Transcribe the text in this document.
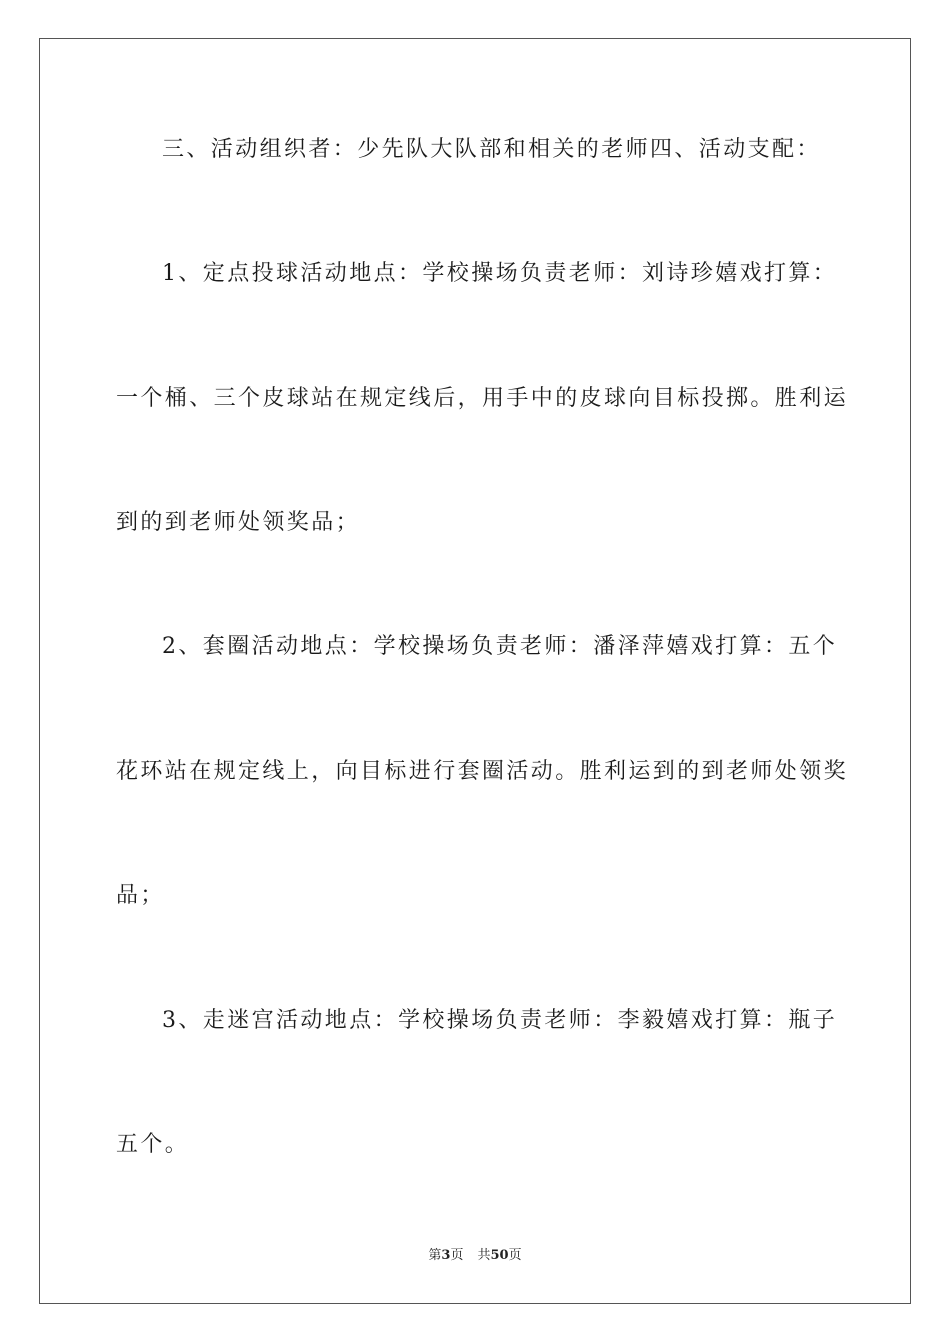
三、活动组织者：少先队大队部和相关的老师四、活动支配：
1、定点投球活动地点：学校操场负责老师：刘诗珍嬉戏打算：
一个桶、三个皮球站在规定线后，用手中的皮球向目标投掷。胜利运
到的到老师处领奖品；
2、套圈活动地点：学校操场负责老师：潘泽萍嬉戏打算：五个
花环站在规定线上，向目标进行套圈活动。胜利运到的到老师处领奖
品；
3、走迷宫活动地点：学校操场负责老师：李毅嬉戏打算：瓶子
五个。
第3页 共50页
